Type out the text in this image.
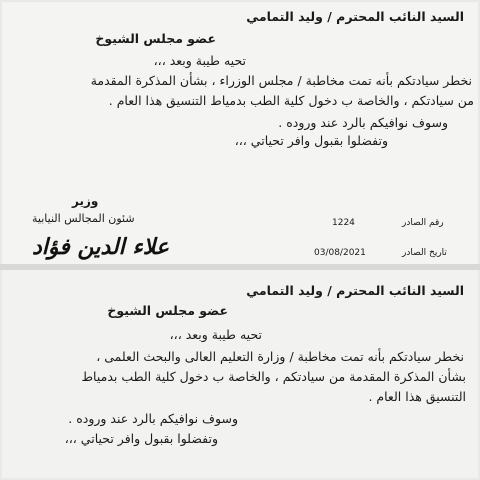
السيد النائب المحترم / وليد التمامي
عضو مجلس الشيوخ
تحيه طيبة وبعد ،،،
نخطر سيادتكم بأنه تمت مخاطبة / مجلس الوزراء ، بشأن المذكرة المقدمة
من سيادتكم ، والخاصة ب دخول كلية الطب بدمياط التنسيق هذا العام .
وسوف نوافيكم بالرد عند وروده .
وتفضلوا بقبول وافر تحياتي ،،،
وزير
شئون المجالس النيابية
علاء الدين فؤاد
1224	رقم الصادر
03/08/2021	تاريخ الصادر
السيد النائب المحترم / وليد التمامي
عضو مجلس الشيوخ
تحيه طيبة وبعد ،،،
نخطر سيادتكم بأنه تمت مخاطبة / وزارة التعليم العالى والبحث العلمى ،
بشأن المذكرة المقدمة من سيادتكم ، والخاصة ب دخول كلية الطب بدمياط
التنسيق هذا العام .
وسوف نوافيكم بالرد عند وروده .
وتفضلوا بقبول وافر تحياتي ،،،
